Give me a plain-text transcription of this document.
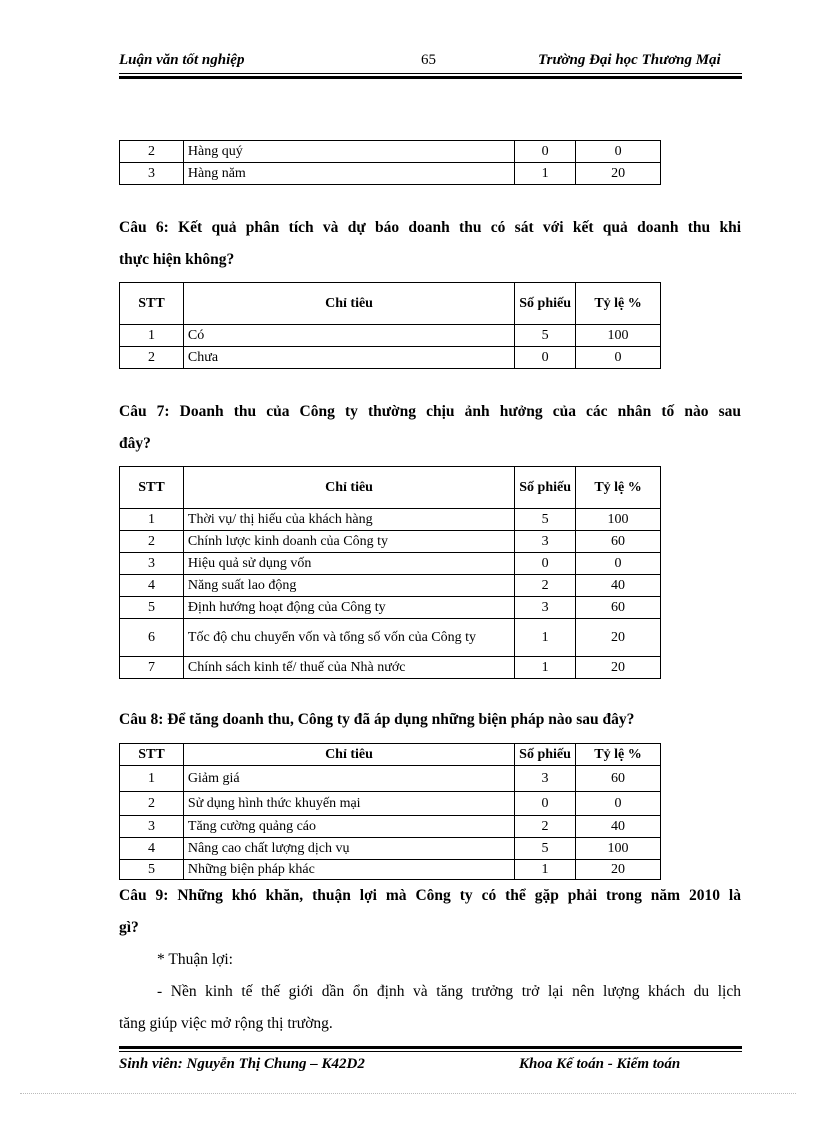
Luận văn tốt nghiệp	65	Trường Đại học Thương Mại
2	Hàng quý	0	0
3	Hàng năm	1	20
Câu 6: Kết quả phân tích và dự báo doanh thu có sát với kết quả doanh thu khi
thực hiện không?
STT	Chỉ tiêu	Số phiếu	Tỷ lệ %
1	Có	5	100
2	Chưa	0	0
Câu 7: Doanh thu của Công ty thường chịu ảnh hưởng của các nhân tố nào sau
đây?
STT	Chỉ tiêu	Số phiếu	Tỷ lệ %
1	Thời vụ/ thị hiếu của khách hàng	5	100
2	Chính lược kinh doanh của Công ty	3	60
3	Hiệu quả sử dụng vốn	0	0
4	Năng suất lao động	2	40
5	Định hướng hoạt động của Công ty	3	60
6	Tốc độ chu chuyển vốn và tổng số vốn của Công ty	1	20
7	Chính sách kinh tế/ thuế của Nhà nước	1	20
Câu 8: Để tăng doanh thu, Công ty đã áp dụng những biện pháp nào sau đây?
STT	Chỉ tiêu	Số phiếu	Tỷ lệ %
1	Giảm giá	3	60
2	Sử dụng hình thức khuyến mại	0	0
3	Tăng cường quảng cáo	2	40
4	Nâng cao chất lượng dịch vụ	5	100
5	Những biện pháp khác	1	20
Câu 9: Những khó khăn, thuận lợi mà Công ty có thể gặp phải trong năm 2010 là
gì?
* Thuận lợi:
- Nền kinh tế thế giới dần ổn định và tăng trưởng trở lại nên lượng khách du lịch
tăng giúp việc mở rộng thị trường.
Sinh viên: Nguyễn Thị Chung – K42D2	Khoa Kế toán - Kiểm toán
